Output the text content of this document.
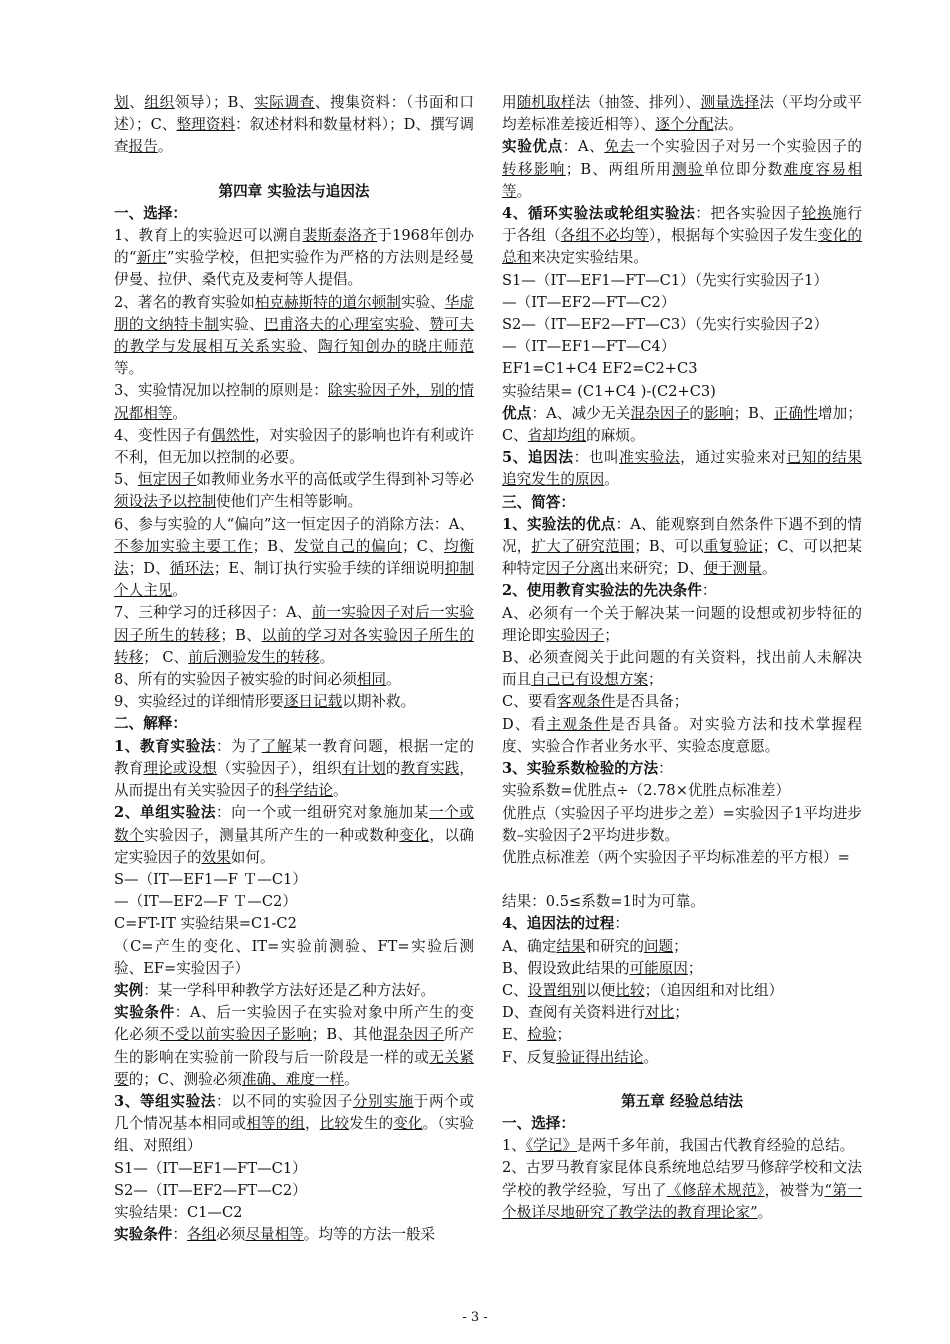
划、组织领导）；B、实际调查、搜集资料：（书面和口述）；C、整理资料：叙述材料和数量材料）；D、撰写调查报告。
第四章 实验法与追因法
一、选择：
1、教育上的实验迟可以溯自裴斯泰洛齐于1968年创办的“新庄”实验学校，但把实验作为严格的方法则是经曼伊曼、拉伊、桑代克及麦柯等人提倡。
2、著名的教育实验如柏克赫斯特的道尔顿制实验、华虚朋的文纳特卡制实验、巴甫洛夫的心理室实验、赞可夫的教学与发展相互关系实验、陶行知创办的晓庄师范等。
3、实验情况加以控制的原则是：除实验因子外，别的情况都相等。
4、变性因子有偶然性，对实验因子的影响也许有利或许不利，但无加以控制的必要。
5、恒定因子如教师业务水平的高低或学生得到补习等必须设法予以控制使他们产生相等影响。
6、参与实验的人“偏向”这一恒定因子的消除方法：A、不参加实验主要工作；B、发觉自己的偏向；C、均衡法；D、循环法；E、制订执行实验手续的详细说明抑制个人主见。
7、三种学习的迁移因子：A、前一实验因子对后一实验因子所生的转移；B、以前的学习对各实验因子所生的转移； C、前后测验发生的转移。
8、所有的实验因子被实验的时间必须相同。
9、实验经过的详细情形要逐日记载以期补救。
二、解释：
1、教育实验法：为了了解某一教育问题，根据一定的教育理论或设想（实验因子），组织有计划的教育实践，从而提出有关实验因子的科学结论。
2、单组实验法：向一个或一组研究对象施加某一个或数个实验因子，测量其所产生的一种或数种变化，以确定实验因子的效果如何。
S—（IT—EF1—F Ｔ—C1）
—（IT—EF2—F Ｔ—C2）
C=FT-IT 实验结果=C1-C2
（C=产生的变化、IT=实验前测验、FT=实验后测验、EF=实验因子）
实例：某一学科甲种教学方法好还是乙种方法好。
实验条件：A、后一实验因子在实验对象中所产生的变化必须不受以前实验因子影响；B、其他混杂因子所产生的影响在实验前一阶段与后一阶段是一样的或无关紧要的；C、测验必须准确、难度一样。
3、等组实验法：以不同的实验因子分别实施于两个或几个情况基本相同或相等的组，比较发生的变化。（实验组、对照组）
S1—（IT—EF1—FT—C1）
S2—（IT—EF2—FT—C2）
实验结果：C1—C2
实验条件：各组必须尽量相等。均等的方法一般采
用随机取样法（抽签、排列）、测量选择法（平均分或平均差标准差接近相等）、逐个分配法。
实验优点：A、免去一个实验因子对另一个实验因子的转移影响；B、两组所用测验单位即分数难度容易相等。
4、循环实验法或轮组实验法：把各实验因子轮换施行于各组（各组不必均等），根据每个实验因子发生变化的总和来决定实验结果。
S1—（IT—EF1—FT—C1）（先实行实验因子1）
—（IT—EF2—FT—C2）
S2—（IT—EF2—FT—C3）（先实行实验因子2）
—（IT—EF1—FT—C4）
EF1=C1+C4 EF2=C2+C3
实验结果= (C1+C4 )-(C2+C3)
优点：A、减少无关混杂因子的影响；B、正确性增加；C、省却均组的麻烦。
5、追因法：也叫准实验法，通过实验来对已知的结果追究发生的原因。
三、简答：
1、实验法的优点：A、能观察到自然条件下遇不到的情况，扩大了研究范围；B、可以重复验证；C、可以把某种特定因子分离出来研究；D、便于测量。
2、使用教育实验法的先决条件：
A、必须有一个关于解决某一问题的设想或初步特征的理论即实验因子；
B、必须查阅关于此问题的有关资料，找出前人未解决而且自己已有设想方案；
C、要看客观条件是否具备；
D、看主观条件是否具备。对实验方法和技术掌握程度、实验合作者业务水平、实验态度意愿。
3、实验系数检验的方法：
实验系数=优胜点÷（2.78×优胜点标准差）
优胜点（实验因子平均进步之差）=实验因子1平均进步数–实验因子2平均进步数。
优胜点标准差（两个实验因子平均标准差的平方根）=
结果：0.5≤系数=1时为可靠。
4、追因法的过程：
A、确定结果和研究的问题；
B、假设致此结果的可能原因；
C、设置组别以便比较；（追因组和对比组）
D、查阅有关资料进行对比；
E、检验；
F、反复验证得出结论。
第五章 经验总结法
一、选择：
1、《学记》是两千多年前，我国古代教育经验的总结。
2、古罗马教育家昆体良系统地总结罗马修辞学校和文法学校的教学经验，写出了《修辞术规范》，被誉为“第一个极详尽地研究了教学法的教育理论家”。
- 3 -
